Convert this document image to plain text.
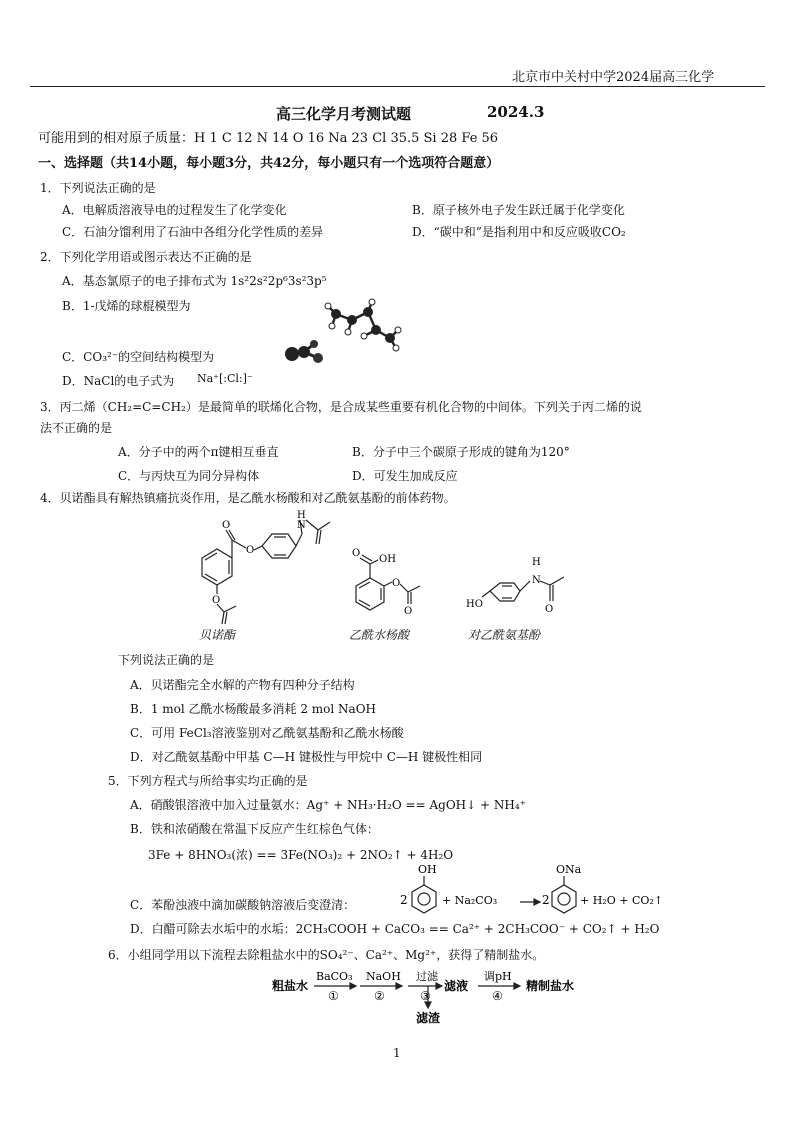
北京市中关村中学2024届高三化学
高三化学月考测试题	2024.3
可能用到的相对原子质量：H 1 C 12 N 14 O 16 Na 23 Cl 35.5 Si 28 Fe 56
一、选择题（共14小题，每小题3分，共42分，每小题只有一个选项符合题意）
1．下列说法正确的是
A．电解质溶液导电的过程发生了化学变化	B．原子核外电子发生跃迁属于化学变化
C．石油分馏利用了石油中各组分化学性质的差异	D．“碳中和”是指利用中和反应吸收CO₂
2．下列化学用语或图示表达不正确的是
A．基态氯原子的电子排布式为 1s²2s²2p⁶3s²3p⁵
B．1-戊烯的球棍模型为
C．CO₃²⁻的空间结构模型为
D．NaCl的电子式为 Na⁺[:Cl:]⁻
3．丙二烯（CH₂=C=CH₂）是最简单的联烯化合物，是合成某些重要有机化合物的中间体。下列关于丙二烯的说
法不正确的是
A．分子中的两个π键相互垂直	B．分子中三个碳原子形成的键角为120°
C．与丙炔互为同分异构体	D．可发生加成反应
4．贝诺酯具有解热镇痛抗炎作用，是乙酰水杨酸和对乙酰氨基酚的前体药物。
O
O
O
H
N
O
OH
O
O
HO
H
N
O
贝诺酯	乙酰水杨酸	对乙酰氨基酚
下列说法正确的是
A．贝诺酯完全水解的产物有四种分子结构
B．1 mol 乙酰水杨酸最多消耗 2 mol NaOH
C．可用 FeCl₃溶液鉴别对乙酰氨基酚和乙酰水杨酸
D．对乙酰氨基酚中甲基 C—H 键极性与甲烷中 C—H 键极性相同
5．下列方程式与所给事实均正确的是
A．硝酸银溶液中加入过量氨水：Ag⁺ + NH₃·H₂O == AgOH↓ + NH₄⁺
B．铁和浓硝酸在常温下反应产生红棕色气体：
3Fe + 8HNO₃(浓) == 3Fe(NO₃)₂ + 2NO₂↑ + 4H₂O
C．苯酚浊液中滴加碳酸钠溶液后变澄清：	2
OH
+ Na₂CO₃	2
ONa
+ H₂O + CO₂↑
D．白醋可除去水垢中的水垢：2CH₃COOH + CaCO₃ == Ca²⁺ + 2CH₃COO⁻ + CO₂↑ + H₂O
6．小组同学用以下流程去除粗盐水中的SO₄²⁻、Ca²⁺、Mg²⁺，获得了精制盐水。
粗盐水
BaCO₃
①
NaOH
②
过滤
③
滤液
滤渣
调pH
④
精制盐水
1
